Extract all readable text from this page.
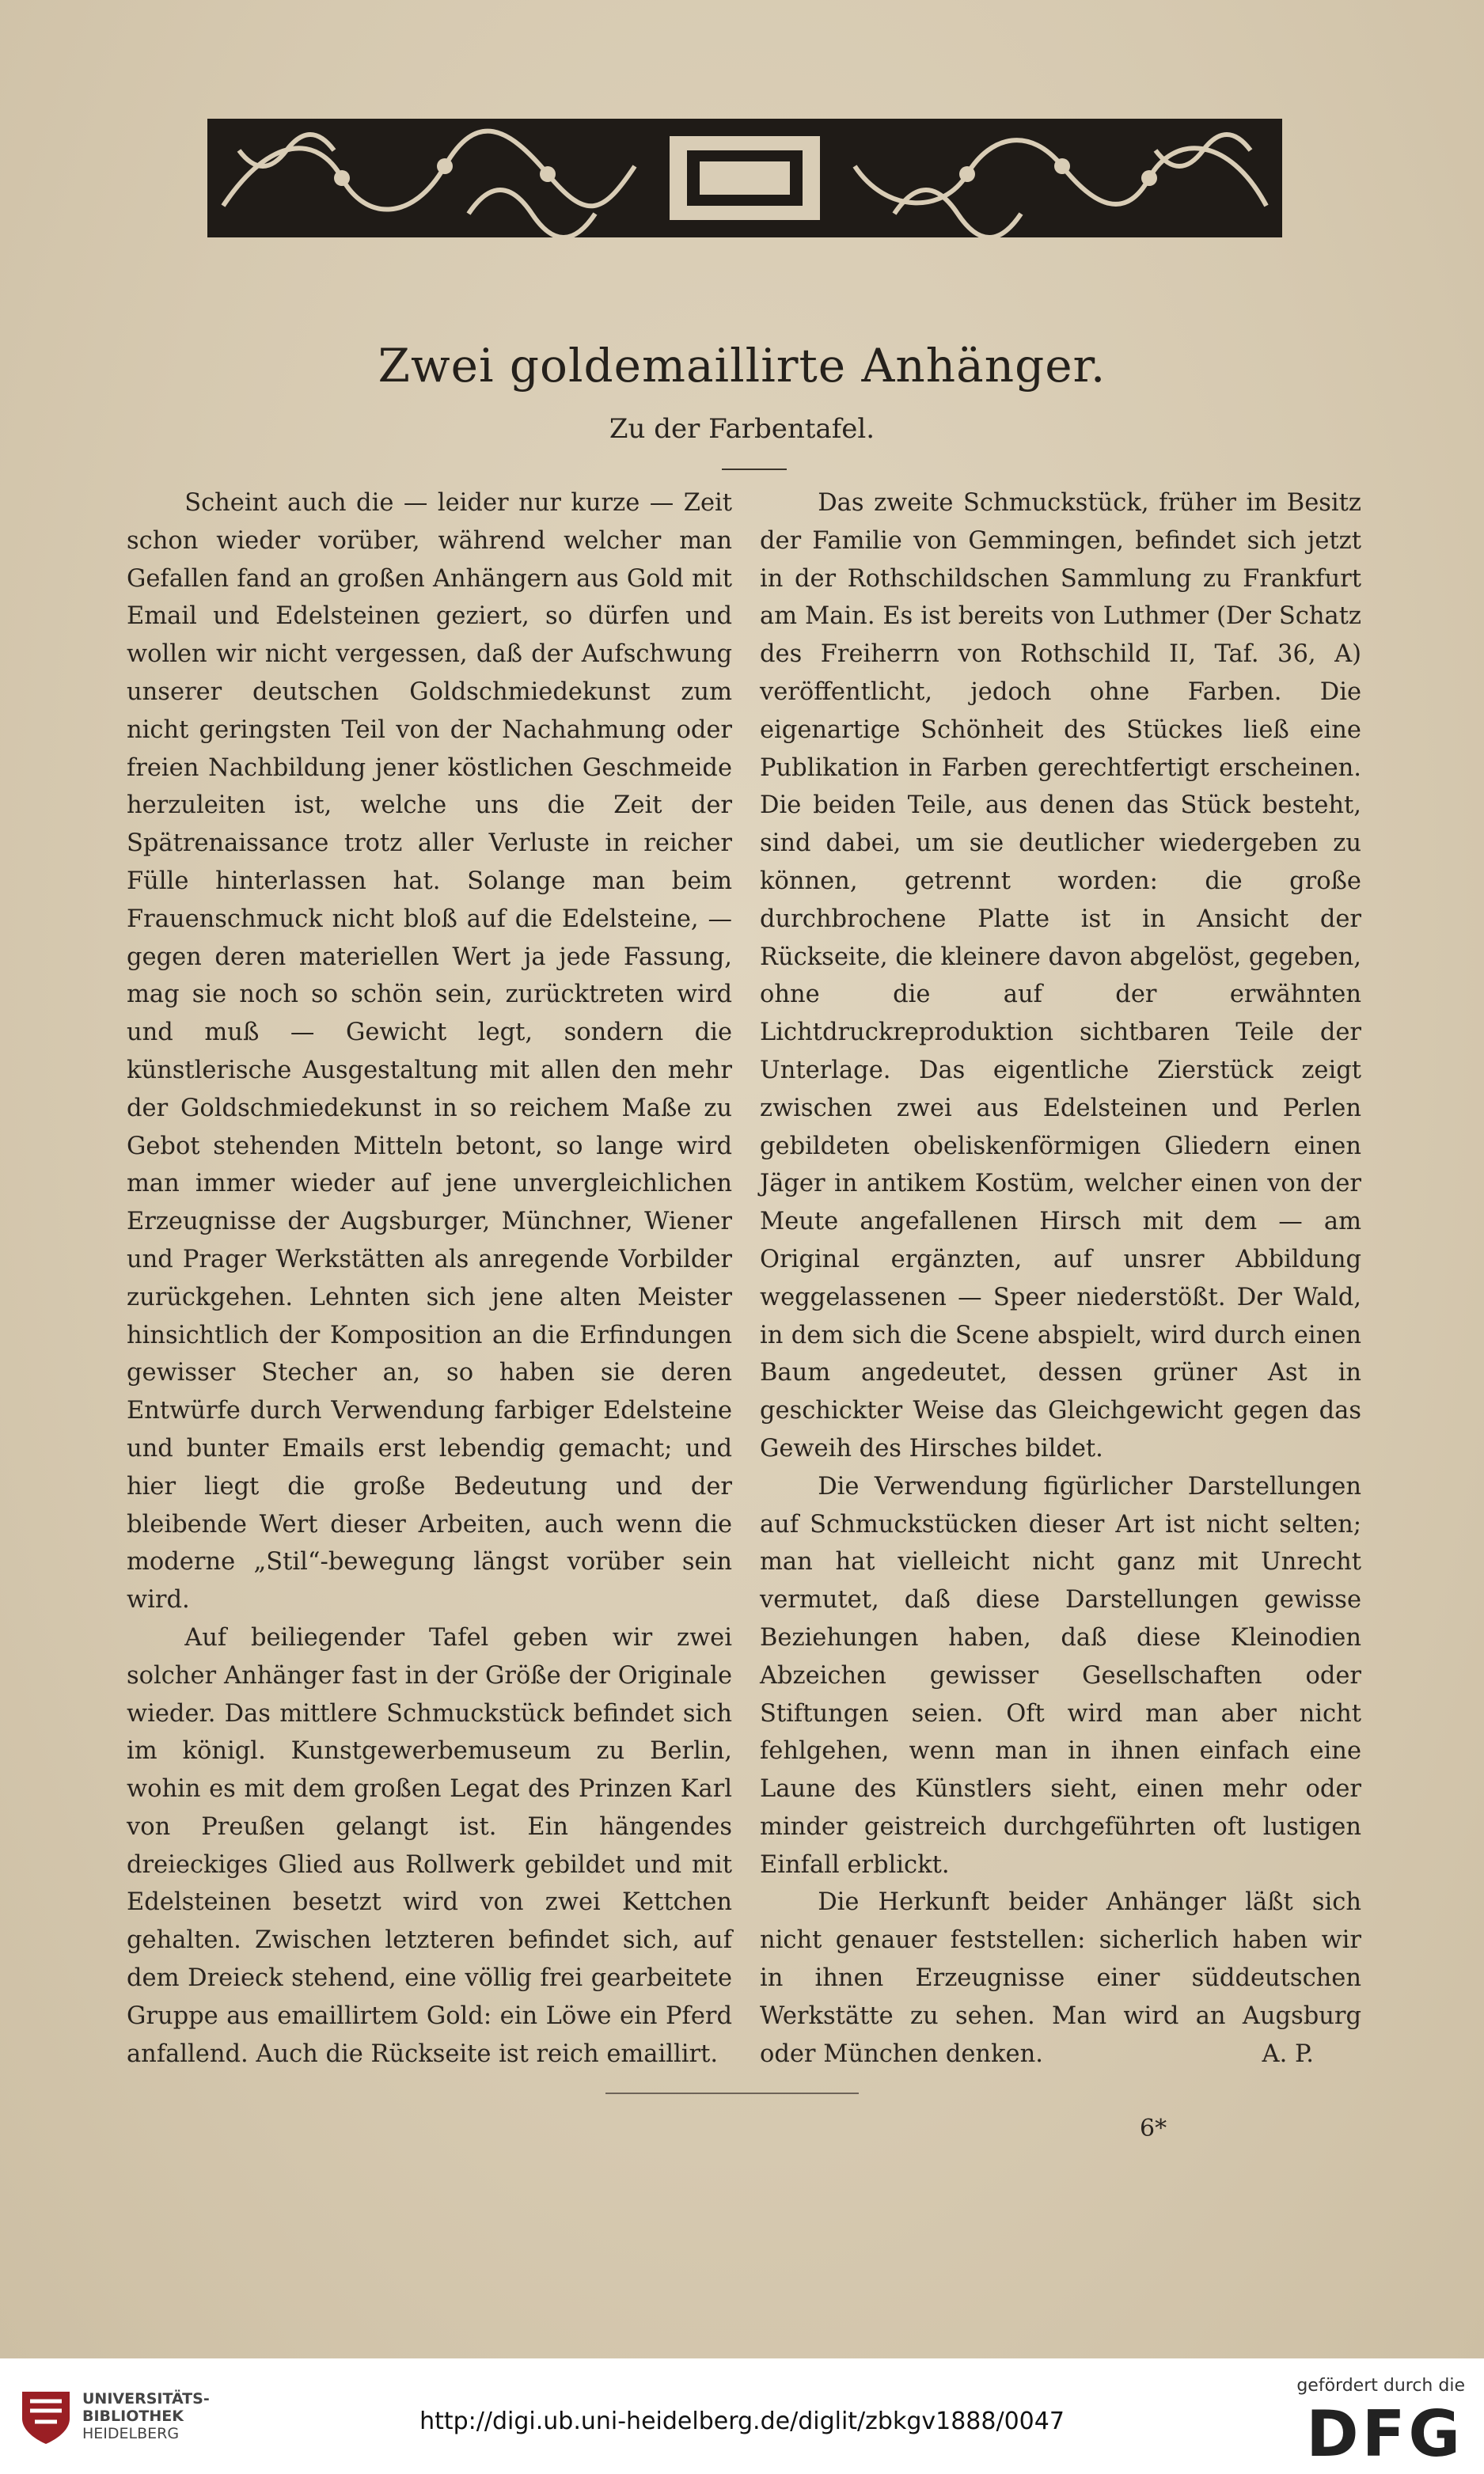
Zwei goldemaillirte Anhänger.
Zu der Farbentafel.

Scheint auch die — leider nur kurze — Zeit schon wieder vorüber, während welcher man Gefallen fand an großen Anhängern aus Gold mit Email und Edelsteinen geziert, so dürfen und wollen wir nicht vergessen, daß der Aufschwung unserer deutschen Goldschmiedekunst zum nicht geringsten Teil von der Nachahmung oder freien Nachbildung jener köstlichen Geschmeide herzuleiten ist, welche uns die Zeit der Spätrenaissance trotz aller Verluste in reicher Fülle hinterlassen hat. Solange man beim Frauenschmuck nicht bloß auf die Edelsteine, — gegen deren materiellen Wert ja jede Fassung, mag sie noch so schön sein, zurücktreten wird und muß — Gewicht legt, sondern die künstlerische Ausgestaltung mit allen den mehr der Goldschmiedekunst in so reichem Maße zu Gebot stehenden Mitteln betont, so lange wird man immer wieder auf jene unvergleichlichen Erzeugnisse der Augsburger, Münchner, Wiener und Prager Werkstätten als anregende Vorbilder zurückgehen. Lehnten sich jene alten Meister hinsichtlich der Komposition an die Erfindungen gewisser Stecher an, so haben sie deren Entwürfe durch Verwendung farbiger Edelsteine und bunter Emails erst lebendig gemacht; und hier liegt die große Bedeutung und der bleibende Wert dieser Arbeiten, auch wenn die moderne „Stil“-bewegung längst vorüber sein wird.

Auf beiliegender Tafel geben wir zwei solcher Anhänger fast in der Größe der Originale wieder. Das mittlere Schmuckstück befindet sich im königl. Kunstgewerbemuseum zu Berlin, wohin es mit dem großen Legat des Prinzen Karl von Preußen gelangt ist. Ein hängendes dreieckiges Glied aus Rollwerk gebildet und mit Edelsteinen besetzt wird von zwei Kettchen gehalten. Zwischen letzteren befindet sich, auf dem Dreieck stehend, eine völlig frei gearbeitete Gruppe aus emaillirtem Gold: ein Löwe ein Pferd anfallend. Auch die Rückseite ist reich emaillirt.

Das zweite Schmuckstück, früher im Besitz der Familie von Gemmingen, befindet sich jetzt in der Rothschildschen Sammlung zu Frankfurt am Main. Es ist bereits von Luthmer (Der Schatz des Freiherrn von Rothschild II, Taf. 36, A) veröffentlicht, jedoch ohne Farben. Die eigenartige Schönheit des Stückes ließ eine Publikation in Farben gerechtfertigt erscheinen. Die beiden Teile, aus denen das Stück besteht, sind dabei, um sie deutlicher wiedergeben zu können, getrennt worden: die große durchbrochene Platte ist in Ansicht der Rückseite, die kleinere davon abgelöst, gegeben, ohne die auf der erwähnten Lichtdruckreproduktion sichtbaren Teile der Unterlage. Das eigentliche Zierstück zeigt zwischen zwei aus Edelsteinen und Perlen gebildeten obeliskenförmigen Gliedern einen Jäger in antikem Kostüm, welcher einen von der Meute angefallenen Hirsch mit dem — am Original ergänzten, auf unsrer Abbildung weggelassenen — Speer niederstößt. Der Wald, in dem sich die Scene abspielt, wird durch einen Baum angedeutet, dessen grüner Ast in geschickter Weise das Gleichgewicht gegen das Geweih des Hirsches bildet.

Die Verwendung figürlicher Darstellungen auf Schmuckstücken dieser Art ist nicht selten; man hat vielleicht nicht ganz mit Unrecht vermutet, daß diese Darstellungen gewisse Beziehungen haben, daß diese Kleinodien Abzeichen gewisser Gesellschaften oder Stiftungen seien. Oft wird man aber nicht fehlgehen, wenn man in ihnen einfach eine Laune des Künstlers sieht, einen mehr oder minder geistreich durchgeführten oft lustigen Einfall erblickt.

Die Herkunft beider Anhänger läßt sich nicht genauer feststellen: sicherlich haben wir in ihnen Erzeugnisse einer süddeutschen Werkstätte zu sehen. Man wird an Augsburg oder München denken.	A. P.
6*
UNIVERSITÄTS-
BIBLIOTHEK
HEIDELBERG	http://digi.ub.uni-heidelberg.de/diglit/zbkgv1888/0047
gefördert durch die
DFG
